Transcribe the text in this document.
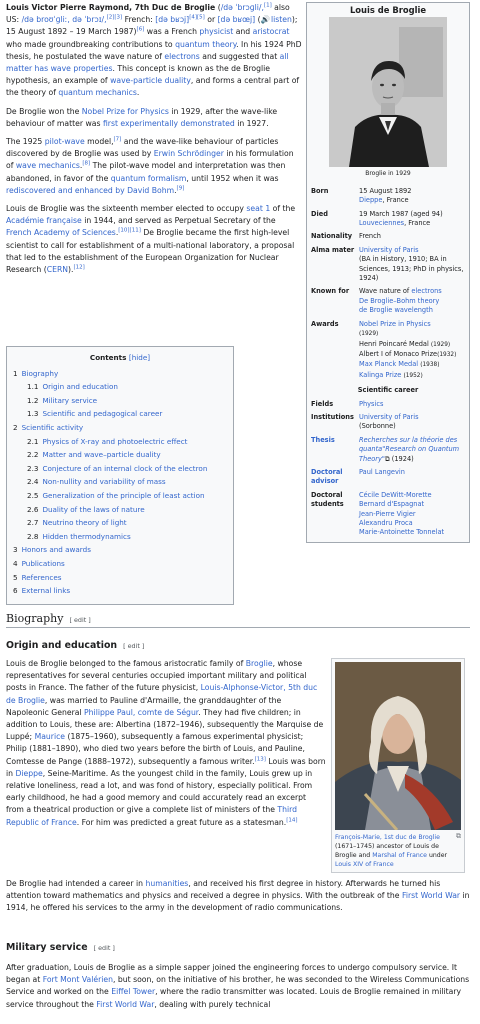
Louis Victor Pierre Raymond, 7th Duc de Broglie (/də ˈbrɔɡli/,[1] also US: /də broʊˈɡliː, də ˈbrɔɪ/,[2][3] French: [də bʁɔj][4][5] or [də bʁœj] (🔊 listen); 15 August 1892 – 19 March 1987)[6] was a French physicist and aristocrat who made groundbreaking contributions to quantum theory. In his 1924 PhD thesis, he postulated the wave nature of electrons and suggested that all matter has wave properties. This concept is known as the de Broglie hypothesis, an example of wave-particle duality, and forms a central part of the theory of quantum mechanics.

De Broglie won the Nobel Prize for Physics in 1929, after the wave-like behaviour of matter was first experimentally demonstrated in 1927.

The 1925 pilot-wave model,[7] and the wave-like behaviour of particles discovered by de Broglie was used by Erwin Schrödinger in his formulation of wave mechanics.[8] The pilot-wave model and interpretation was then abandoned, in favor of the quantum formalism, until 1952 when it was rediscovered and enhanced by David Bohm.[9]

Louis de Broglie was the sixteenth member elected to occupy seat 1 of the Académie française in 1944, and served as Perpetual Secretary of the French Academy of Sciences.[10][11] De Broglie became the first high-level scientist to call for establishment of a multi-national laboratory, a proposal that led to the establishment of the European Organization for Nuclear Research (CERN).[12]

Louis de Broglie
Broglie in 1929
Born	15 August 1892
Dieppe, France
Died	19 March 1987 (aged 94)
Louveciennes, France
Nationality	French
Alma mater University of Paris
(BA in History, 1910; BA in Sciences, 1913; PhD in physics, 1924)
Known for	Wave nature of electrons
De Broglie–Bohm theory
de Broglie wavelength
Awards	Nobel Prize in Physics
(1929)
Henri Poincaré Medal (1929)
Albert I of Monaco Prize(1932)
Max Planck Medal (1938)
Kalinga Prize (1952)
Scientific career
Fields	Physics
Institutions University of Paris
(Sorbonne)
Thesis	Recherches sur la théorie des quanta"Research on Quantum Theory"⧉ (1924)
Doctoral advisor
Paul Langevin
Doctoral students
Cécile DeWitt-Morette
Bernard d'Espagnat
Jean-Pierre Vigier
Alexandru Proca
Marie-Antoinette Tonnelat
Contents [hide]
1 Biography
1.1 Origin and education
1.2 Military service
1.3 Scientific and pedagogical career
2 Scientific activity
2.1 Physics of X-ray and photoelectric effect
2.2 Matter and wave–particle duality
2.3 Conjecture of an internal clock of the electron
2.4 Non-nullity and variability of mass
2.5 Generalization of the principle of least action
2.6 Duality of the laws of nature
2.7 Neutrino theory of light
2.8 Hidden thermodynamics
3 Honors and awards
4 Publications
5 References
6 External links
Biography [ edit ]
Origin and education [ edit ]

Louis de Broglie belonged to the famous aristocratic family of Broglie, whose representatives for several centuries occupied important military and political posts in France. The father of the future physicist, Louis-Alphonse-Victor, 5th duc de Broglie, was married to Pauline d'Armaille, the granddaughter of the Napoleonic General Philippe Paul, comte de Ségur. They had five children; in addition to Louis, these are: Albertina (1872–1946), subsequently the Marquise de Luppé; Maurice (1875–1960), subsequently a famous experimental physicist; Philip (1881–1890), who died two years before the birth of Louis, and Pauline, Comtesse de Pange (1888–1972), subsequently a famous writer.[13] Louis was born in Dieppe, Seine-Maritime. As the youngest child in the family, Louis grew up in relative loneliness, read a lot, and was fond of history, especially political. From early childhood, he had a good memory and could accurately read an excerpt from a theatrical production or give a complete list of ministers of the Third Republic of France. For him was predicted a great future as a statesman.[14]

De Broglie had intended a career in humanities, and received his first degree in history. Afterwards he turned his attention toward mathematics and physics and received a degree in physics. With the outbreak of the First World War in 1914, he offered his services to the army in the development of radio communications.

⧉
François-Marie, 1st duc de Broglie (1671–1745) ancestor of Louis de Broglie and Marshal of France under Louis XIV of France
Military service [ edit ]

After graduation, Louis de Broglie as a simple sapper joined the engineering forces to undergo compulsory service. It began at Fort Mont Valérien, but soon, on the initiative of his brother, he was seconded to the Wireless Communications Service and worked on the Eiffel Tower, where the radio transmitter was located. Louis de Broglie remained in military service throughout the First World War, dealing with purely technical
